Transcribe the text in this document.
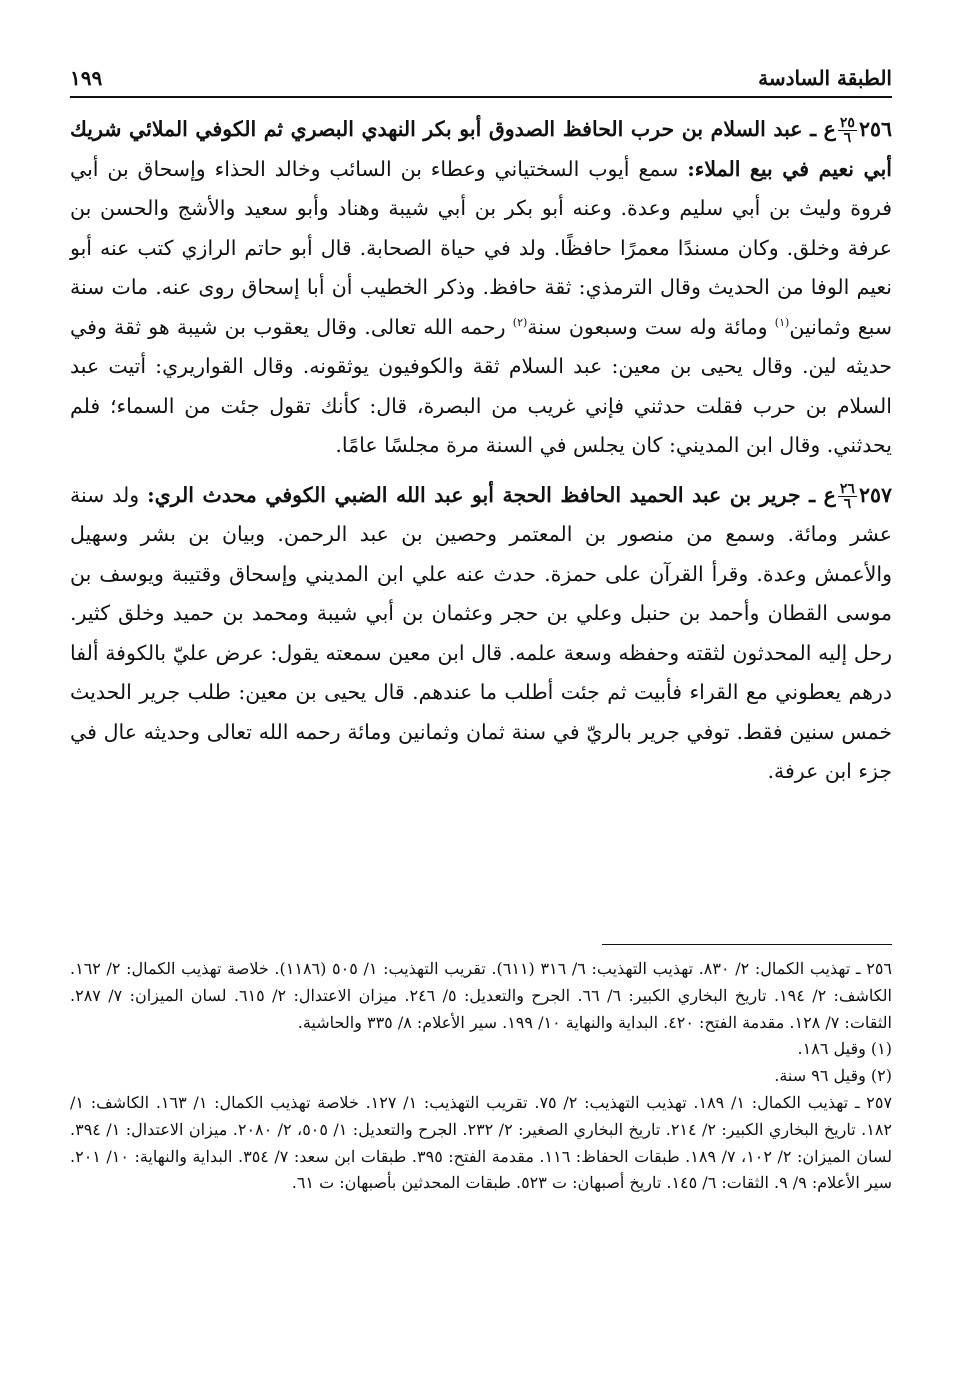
الطبقة السادسة
١٩٩

٢٥٦
$\frac{٢٥}{٦}$
ع ـ عبد السلام بن حرب الحافظ الصدوق أبو بكر النهدي البصري ثم الكوفي الملائي شريك أبي نعيم في بيع الملاء: سمع أيوب السختياني وعطاء بن السائب وخالد الحذاء وإسحاق بن أبي فروة وليث بن أبي سليم وعدة. وعنه أبو بكر بن أبي شيبة وهناد وأبو سعيد والأشج والحسن بن عرفة وخلق. وكان مسندًا معمرًا حافظًا. ولد في حياة الصحابة. قال أبو حاتم الرازي كتب عنه أبو نعيم الوفا من الحديث وقال الترمذي: ثقة حافظ. وذكر الخطيب أن أبا إسحاق روى عنه. مات سنة سبع وثمانين$^{(١)}$ ومائة وله ست وسبعون سنة$^{(٢)}$ رحمه الله تعالى. وقال يعقوب بن شيبة هو ثقة وفي حديثه لين. وقال يحيى بن معين: عبد السلام ثقة والكوفيون يوثقونه. وقال القواريري: أتيت عبد السلام بن حرب فقلت حدثني فإني غريب من البصرة، قال: كأنك تقول جئت من السماء؛ فلم يحدثني. وقال ابن المديني: كان يجلس في السنة مرة مجلسًا عامًا.

٢٥٧
$\frac{٢٦}{٦}$
ع ـ جرير بن عبد الحميد الحافظ الحجة أبو عبد الله الضبي الكوفي محدث الري: ولد سنة عشر ومائة. وسمع من منصور بن المعتمر وحصين بن عبد الرحمن. وبيان بن بشر وسهيل والأعمش وعدة. وقرأ القرآن على حمزة. حدث عنه علي ابن المديني وإسحاق وقتيبة ويوسف بن موسى القطان وأحمد بن حنبل وعلي بن حجر وعثمان بن أبي شيبة ومحمد بن حميد وخلق كثير. رحل إليه المحدثون لثقته وحفظه وسعة علمه. قال ابن معين سمعته يقول: عرض عليّ بالكوفة ألفا درهم يعطوني مع القراء فأبيت ثم جئت أطلب ما عندهم. قال يحيى بن معين: طلب جرير الحديث خمس سنين فقط. توفي جرير بالريّ في سنة ثمان وثمانين ومائة رحمه الله تعالى وحديثه عال في جزء ابن عرفة.

٢٥٦ ـ تهذيب الكمال: ٢/ ٨٣٠. تهذيب التهذيب: ٦/ ٣١٦ (٦١١). تقريب التهذيب: ١/ ٥٠٥ (١١٨٦). خلاصة تهذيب الكمال: ٢/ ١٦٢. الكاشف: ٢/ ١٩٤. تاريخ البخاري الكبير: ٦/ ٦٦. الجرح والتعديل: ٥/ ٢٤٦. ميزان الاعتدال: ٢/ ٦١٥. لسان الميزان: ٧/ ٢٨٧. الثقات: ٧/ ١٢٨. مقدمة الفتح: ٤٢٠. البداية والنهاية ١٠/ ١٩٩. سير الأعلام: ٨/ ٣٣٥ والحاشية.

(١) وقيل ١٨٦.

(٢) وقيل ٩٦ سنة.

٢٥٧ ـ تهذيب الكمال: ١/ ١٨٩. تهذيب التهذيب: ٢/ ٧٥. تقريب التهذيب: ١/ ١٢٧. خلاصة تهذيب الكمال: ١/ ١٦٣. الكاشف: ١/ ١٨٢. تاريخ البخاري الكبير: ٢/ ٢١٤. تاريخ البخاري الصغير: ٢/ ٢٣٢. الجرح والتعديل: ١/ ٥٠٥، ٢/ ٢٠٨٠. ميزان الاعتدال: ١/ ٣٩٤. لسان الميزان: ٢/ ١٠٢، ٧/ ١٨٩. طبقات الحفاظ: ١١٦. مقدمة الفتح: ٣٩٥. طبقات ابن سعد: ٧/ ٣٥٤. البداية والنهاية: ١٠/ ٢٠١. سير الأعلام: ٩/ ٩. الثقات: ٦/ ١٤٥. تاريخ أصبهان: ت ٥٢٣. طبقات المحدثين بأصبهان: ت ٦١.
